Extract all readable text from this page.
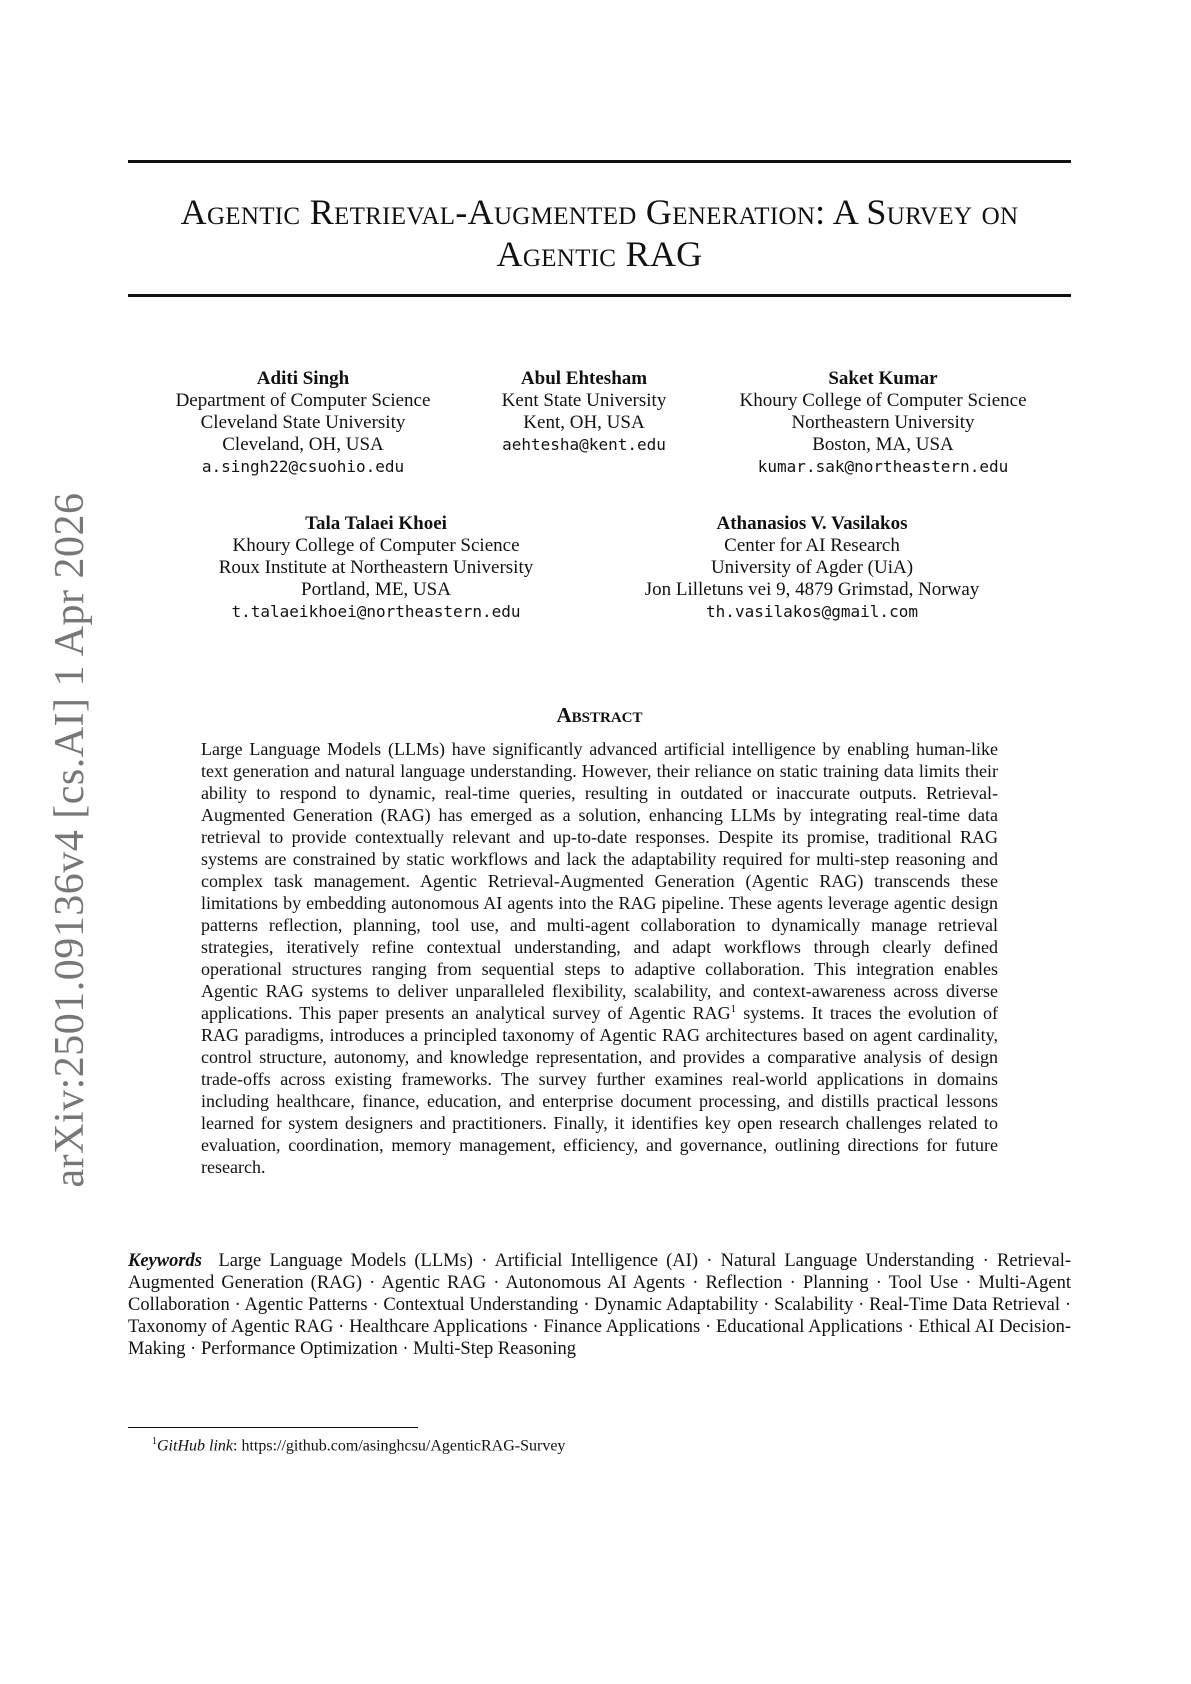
arXiv:2501.09136v4 [cs.AI] 1 Apr 2026
Agentic Retrieval-Augmented Generation: A Survey on
Agentic RAG
Aditi Singh
Department of Computer Science
Cleveland State University
Cleveland, OH, USA
a.singh22@csuohio.edu
Abul Ehtesham
Kent State University
Kent, OH, USA
aehtesha@kent.edu
Saket Kumar
Khoury College of Computer Science
Northeastern University
Boston, MA, USA
kumar.sak@northeastern.edu
Tala Talaei Khoei
Khoury College of Computer Science
Roux Institute at Northeastern University
Portland, ME, USA
t.talaeikhoei@northeastern.edu
Athanasios V. Vasilakos
Center for AI Research
University of Agder (UiA)
Jon Lilletuns vei 9, 4879 Grimstad, Norway
th.vasilakos@gmail.com
Abstract
Large Language Models (LLMs) have significantly advanced artificial intelligence by enabling human-like text generation and natural language understanding. However, their reliance on static training data limits their ability to respond to dynamic, real-time queries, resulting in outdated or inaccurate outputs. Retrieval-Augmented Generation (RAG) has emerged as a solution, enhancing LLMs by integrating real-time data retrieval to provide contextually relevant and up-to-date responses. Despite its promise, traditional RAG systems are constrained by static workflows and lack the adaptability required for multi-step reasoning and complex task management. Agentic Retrieval-Augmented Generation (Agentic RAG) transcends these limitations by embedding autonomous AI agents into the RAG pipeline. These agents leverage agentic design patterns reflection, planning, tool use, and multi-agent collaboration to dynamically manage retrieval strategies, iteratively refine contextual understanding, and adapt workflows through clearly defined operational structures ranging from sequential steps to adaptive collaboration. This integration enables Agentic RAG systems to deliver unparalleled flexibility, scalability, and context-awareness across diverse applications. This paper presents an analytical survey of Agentic RAG$^1$ systems. It traces the evolution of RAG paradigms, introduces a principled taxonomy of Agentic RAG architectures based on agent cardinality, control structure, autonomy, and knowledge representation, and provides a comparative analysis of design trade-offs across existing frameworks. The survey further examines real-world applications in domains including healthcare, finance, education, and enterprise document processing, and distills practical lessons learned for system designers and practitioners. Finally, it identifies key open research challenges related to evaluation, coordination, memory management, efficiency, and governance, outlining directions for future research.
Keywords Large Language Models (LLMs) · Artificial Intelligence (AI) · Natural Language Understanding · Retrieval-Augmented Generation (RAG) · Agentic RAG · Autonomous AI Agents · Reflection · Planning · Tool Use · Multi-Agent Collaboration · Agentic Patterns · Contextual Understanding · Dynamic Adaptability · Scalability · Real-Time Data Retrieval · Taxonomy of Agentic RAG · Healthcare Applications · Finance Applications · Educational Applications · Ethical AI Decision-Making · Performance Optimization · Multi-Step Reasoning
$^1$GitHub link: https://github.com/asinghcsu/AgenticRAG-Survey
